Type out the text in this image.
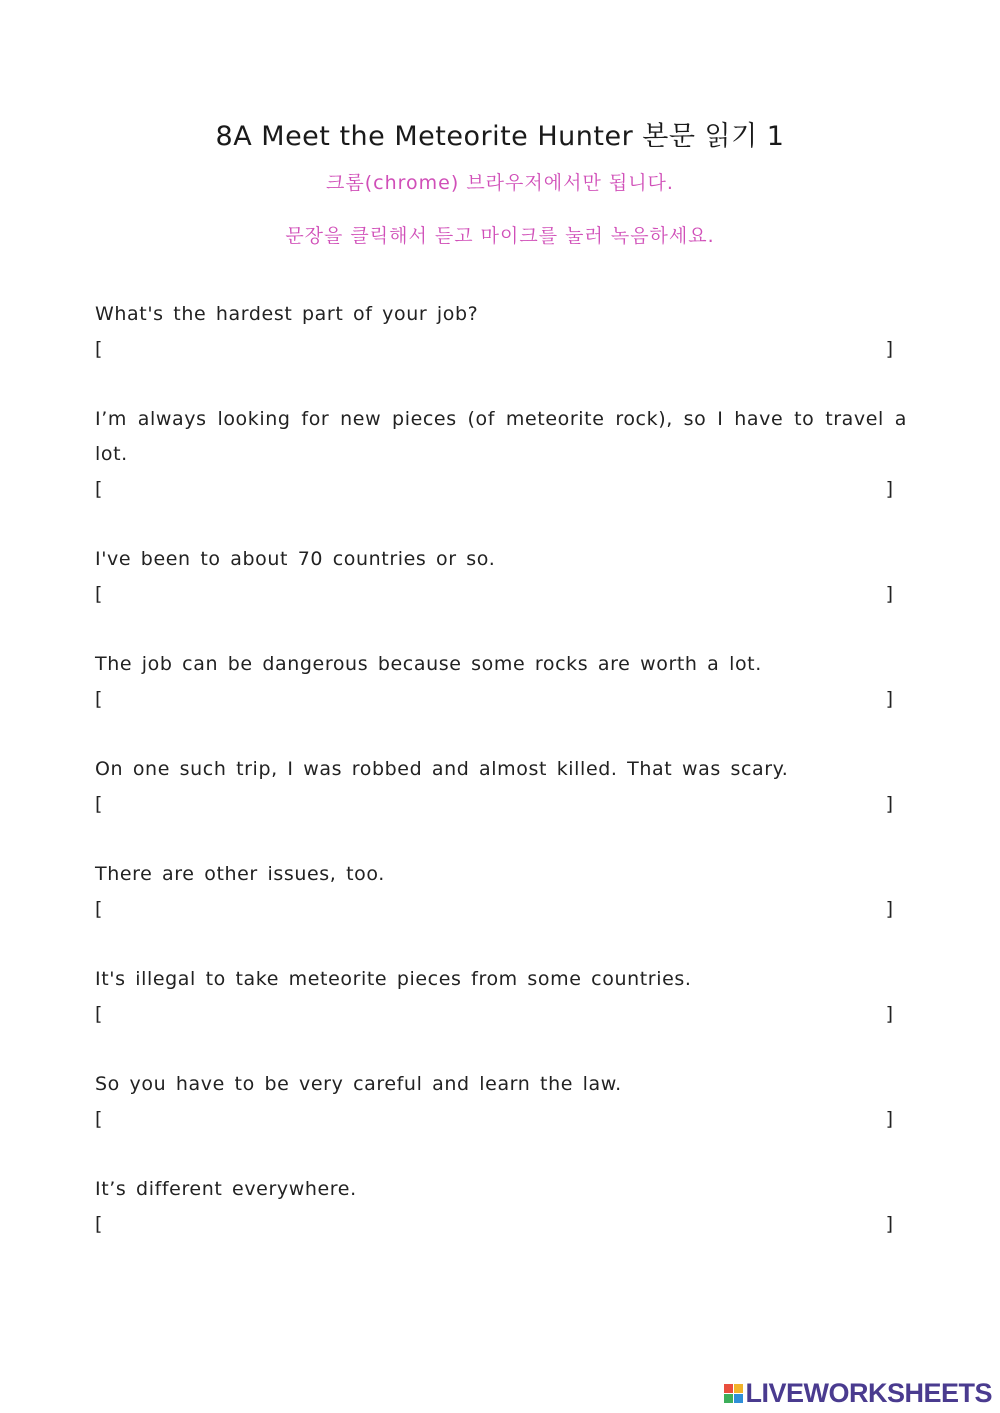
8A Meet the Meteorite Hunter 본문 읽기 1
크롬(chrome) 브라우저에서만 됩니다.
문장을 클릭해서 듣고 마이크를 눌러 녹음하세요.
What's the hardest part of your job?
[	]
I’m always looking for new pieces (of meteorite rock), so I have to travel a lot.
[	]
I've been to about 70 countries or so.
[	]
The job can be dangerous because some rocks are worth a lot.
[	]
On one such trip, I was robbed and almost killed. That was scary.
[	]
There are other issues, too.
[	]
It's illegal to take meteorite pieces from some countries.
[	]
So you have to be very careful and learn the law.
[	]
It’s different everywhere.
[	]
LIVEWORKSHEETS
